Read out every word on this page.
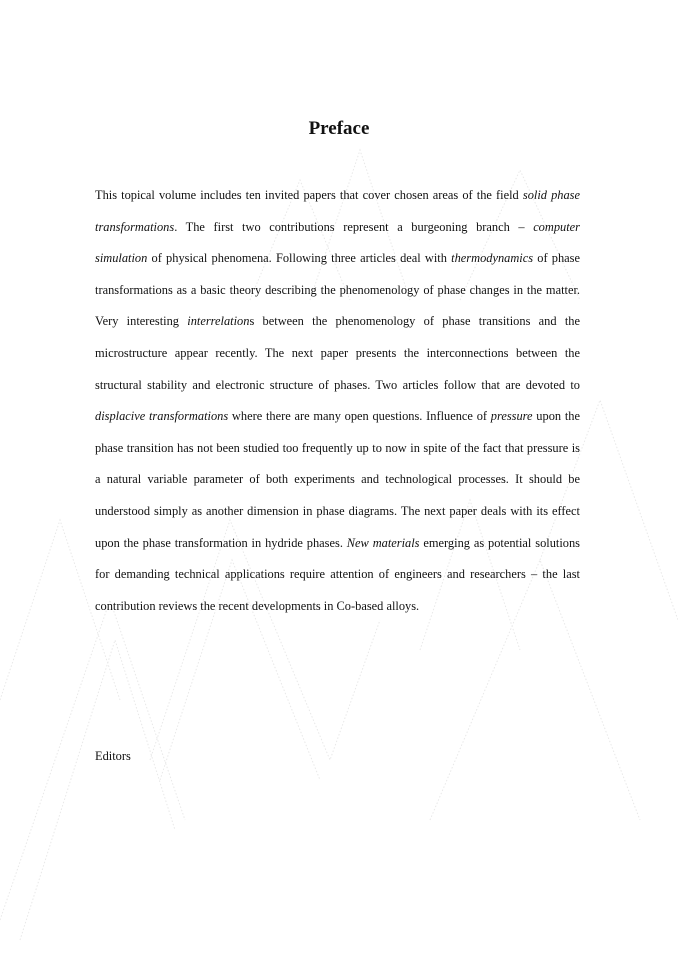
Preface

This topical volume includes ten invited papers that cover chosen areas of the field solid phase transformations. The first two contributions represent a burgeoning branch – computer simulation of physical phenomena. Following three articles deal with thermodynamics of phase transformations as a basic theory describing the phenomenology of phase changes in the matter. Very interesting interrelations between the phenomenology of phase transitions and the microstructure appear recently. The next paper presents the interconnections between the structural stability and electronic structure of phases. Two articles follow that are devoted to displacive transformations where there are many open questions. Influence of pressure upon the phase transition has not been studied too frequently up to now in spite of the fact that pressure is a natural variable parameter of both experiments and technological processes. It should be understood simply as another dimension in phase diagrams. The next paper deals with its effect upon the phase transformation in hydride phases. New materials emerging as potential solutions for demanding technical applications require attention of engineers and researchers – the last contribution reviews the recent developments in Co-based alloys.

Editors
